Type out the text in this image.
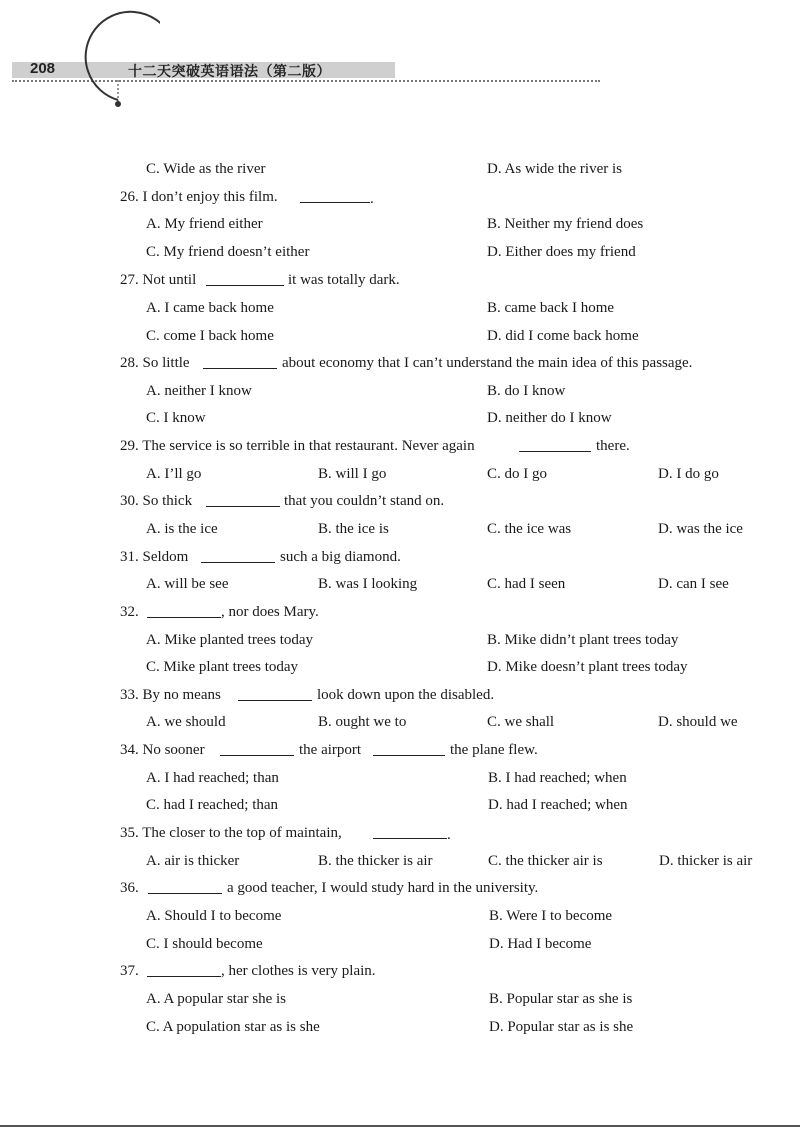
208	十二天突破英语语法（第二版）
C. Wide as the river	D. As wide the river is
26. I don’t enjoy this film.	.
A. My friend either	B. Neither my friend does
C. My friend doesn’t either	D. Either does my friend
27. Not until	it was totally dark.
A. I came back home	B. came back I home
C. come I back home	D. did I come back home
28. So little	about economy that I can’t understand the main idea of this passage.
A. neither I know	B. do I know
C. I know	D. neither do I know
29. The service is so terrible in that restaurant. Never again	there.
A. I’ll go	B. will I go	C. do I go	D. I do go
30. So thick	that you couldn’t stand on.
A. is the ice	B. the ice is	C. the ice was	D. was the ice
31. Seldom	such a big diamond.
A. will be see	B. was I looking	C. had I seen	D. can I see
32.	, nor does Mary.
A. Mike planted trees today	B. Mike didn’t plant trees today
C. Mike plant trees today	D. Mike doesn’t plant trees today
33. By no means	look down upon the disabled.
A. we should	B. ought we to	C. we shall	D. should we
34. No sooner	the airport	the plane flew.
A. I had reached; than	B. I had reached; when
C. had I reached; than	D. had I reached; when
35. The closer to the top of maintain,	.
A. air is thicker	B. the thicker is air	C. the thicker air is	D. thicker is air
36.	a good teacher, I would study hard in the university.
A. Should I to become	B. Were I to become
C. I should become	D. Had I become
37.	, her clothes is very plain.
A. A popular star she is	B. Popular star as she is
C. A population star as is she	D. Popular star as is she
